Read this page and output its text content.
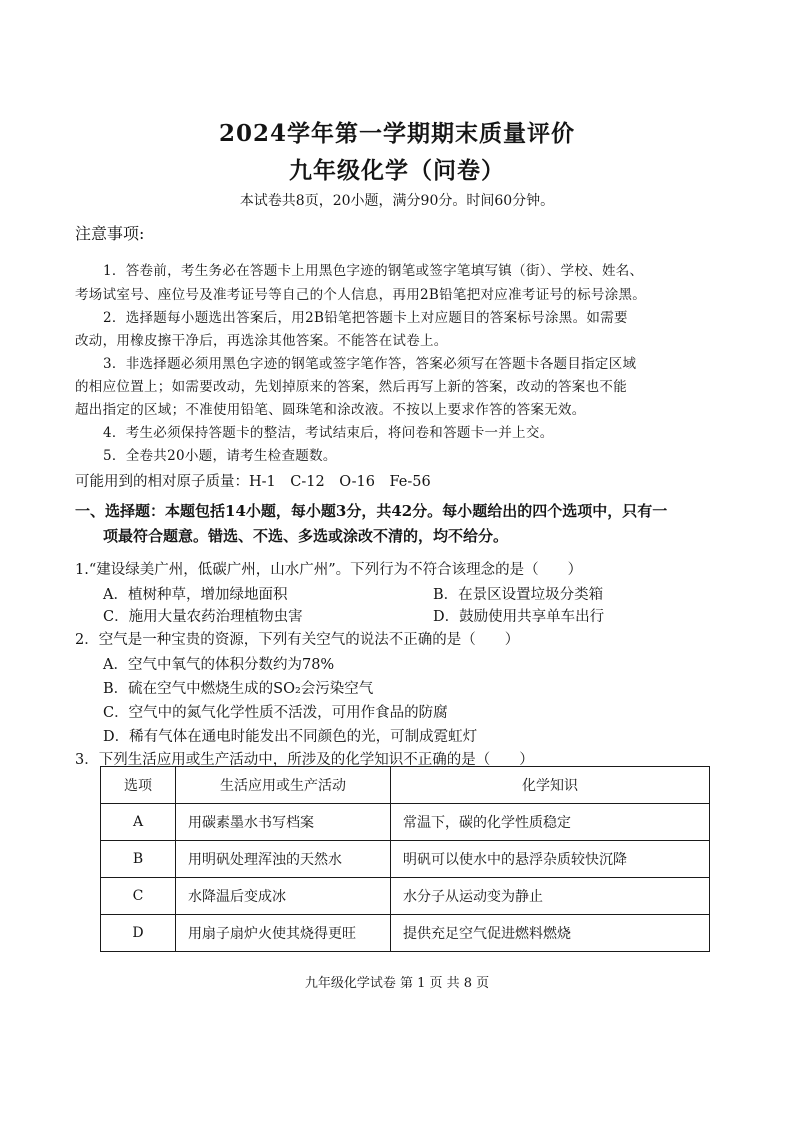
2024学年第一学期期末质量评价
九年级化学（问卷）
本试卷共8页，20小题，满分90分。时间60分钟。
注意事项:
1．答卷前，考生务必在答题卡上用黑色字迹的钢笔或签字笔填写镇（街）、学校、姓名、
考场试室号、座位号及准考证号等自己的个人信息，再用2B铅笔把对应准考证号的标号涂黑。
2．选择题每小题选出答案后，用2B铅笔把答题卡上对应题目的答案标号涂黑。如需要
改动，用橡皮擦干净后，再选涂其他答案。不能答在试卷上。
3．非选择题必须用黑色字迹的钢笔或签字笔作答，答案必须写在答题卡各题目指定区域
的相应位置上；如需要改动，先划掉原来的答案，然后再写上新的答案，改动的答案也不能
超出指定的区域；不准使用铅笔、圆珠笔和涂改液。不按以上要求作答的答案无效。
4．考生必须保持答题卡的整洁，考试结束后，将问卷和答题卡一并上交。
5．全卷共20小题，请考生检查题数。
可能用到的相对原子质量：H-1　C-12　O-16　Fe-56
一、选择题：本题包括14小题，每小题3分，共42分。每小题给出的四个选项中，只有一
项最符合题意。错选、不选、多选或涂改不清的，均不给分。
1.“建设绿美广州，低碳广州，山水广州”。下列行为不符合该理念的是（　　）
A．植树种草，增加绿地面积	B．在景区设置垃圾分类箱
C．施用大量农药治理植物虫害	D．鼓励使用共享单车出行
2．空气是一种宝贵的资源，下列有关空气的说法不正确的是（　　）
A．空气中氧气的体积分数约为78%
B．硫在空气中燃烧生成的SO₂会污染空气
C．空气中的氮气化学性质不活泼，可用作食品的防腐
D．稀有气体在通电时能发出不同颜色的光，可制成霓虹灯
3．下列生活应用或生产活动中，所涉及的化学知识不正确的是（　　）
选项	生活应用或生产活动	化学知识
A	用碳素墨水书写档案	常温下，碳的化学性质稳定
B	用明矾处理浑浊的天然水	明矾可以使水中的悬浮杂质较快沉降
C	水降温后变成冰	水分子从运动变为静止
D	用扇子扇炉火使其烧得更旺	提供充足空气促进燃料燃烧
九年级化学试卷 第 1 页 共 8 页
